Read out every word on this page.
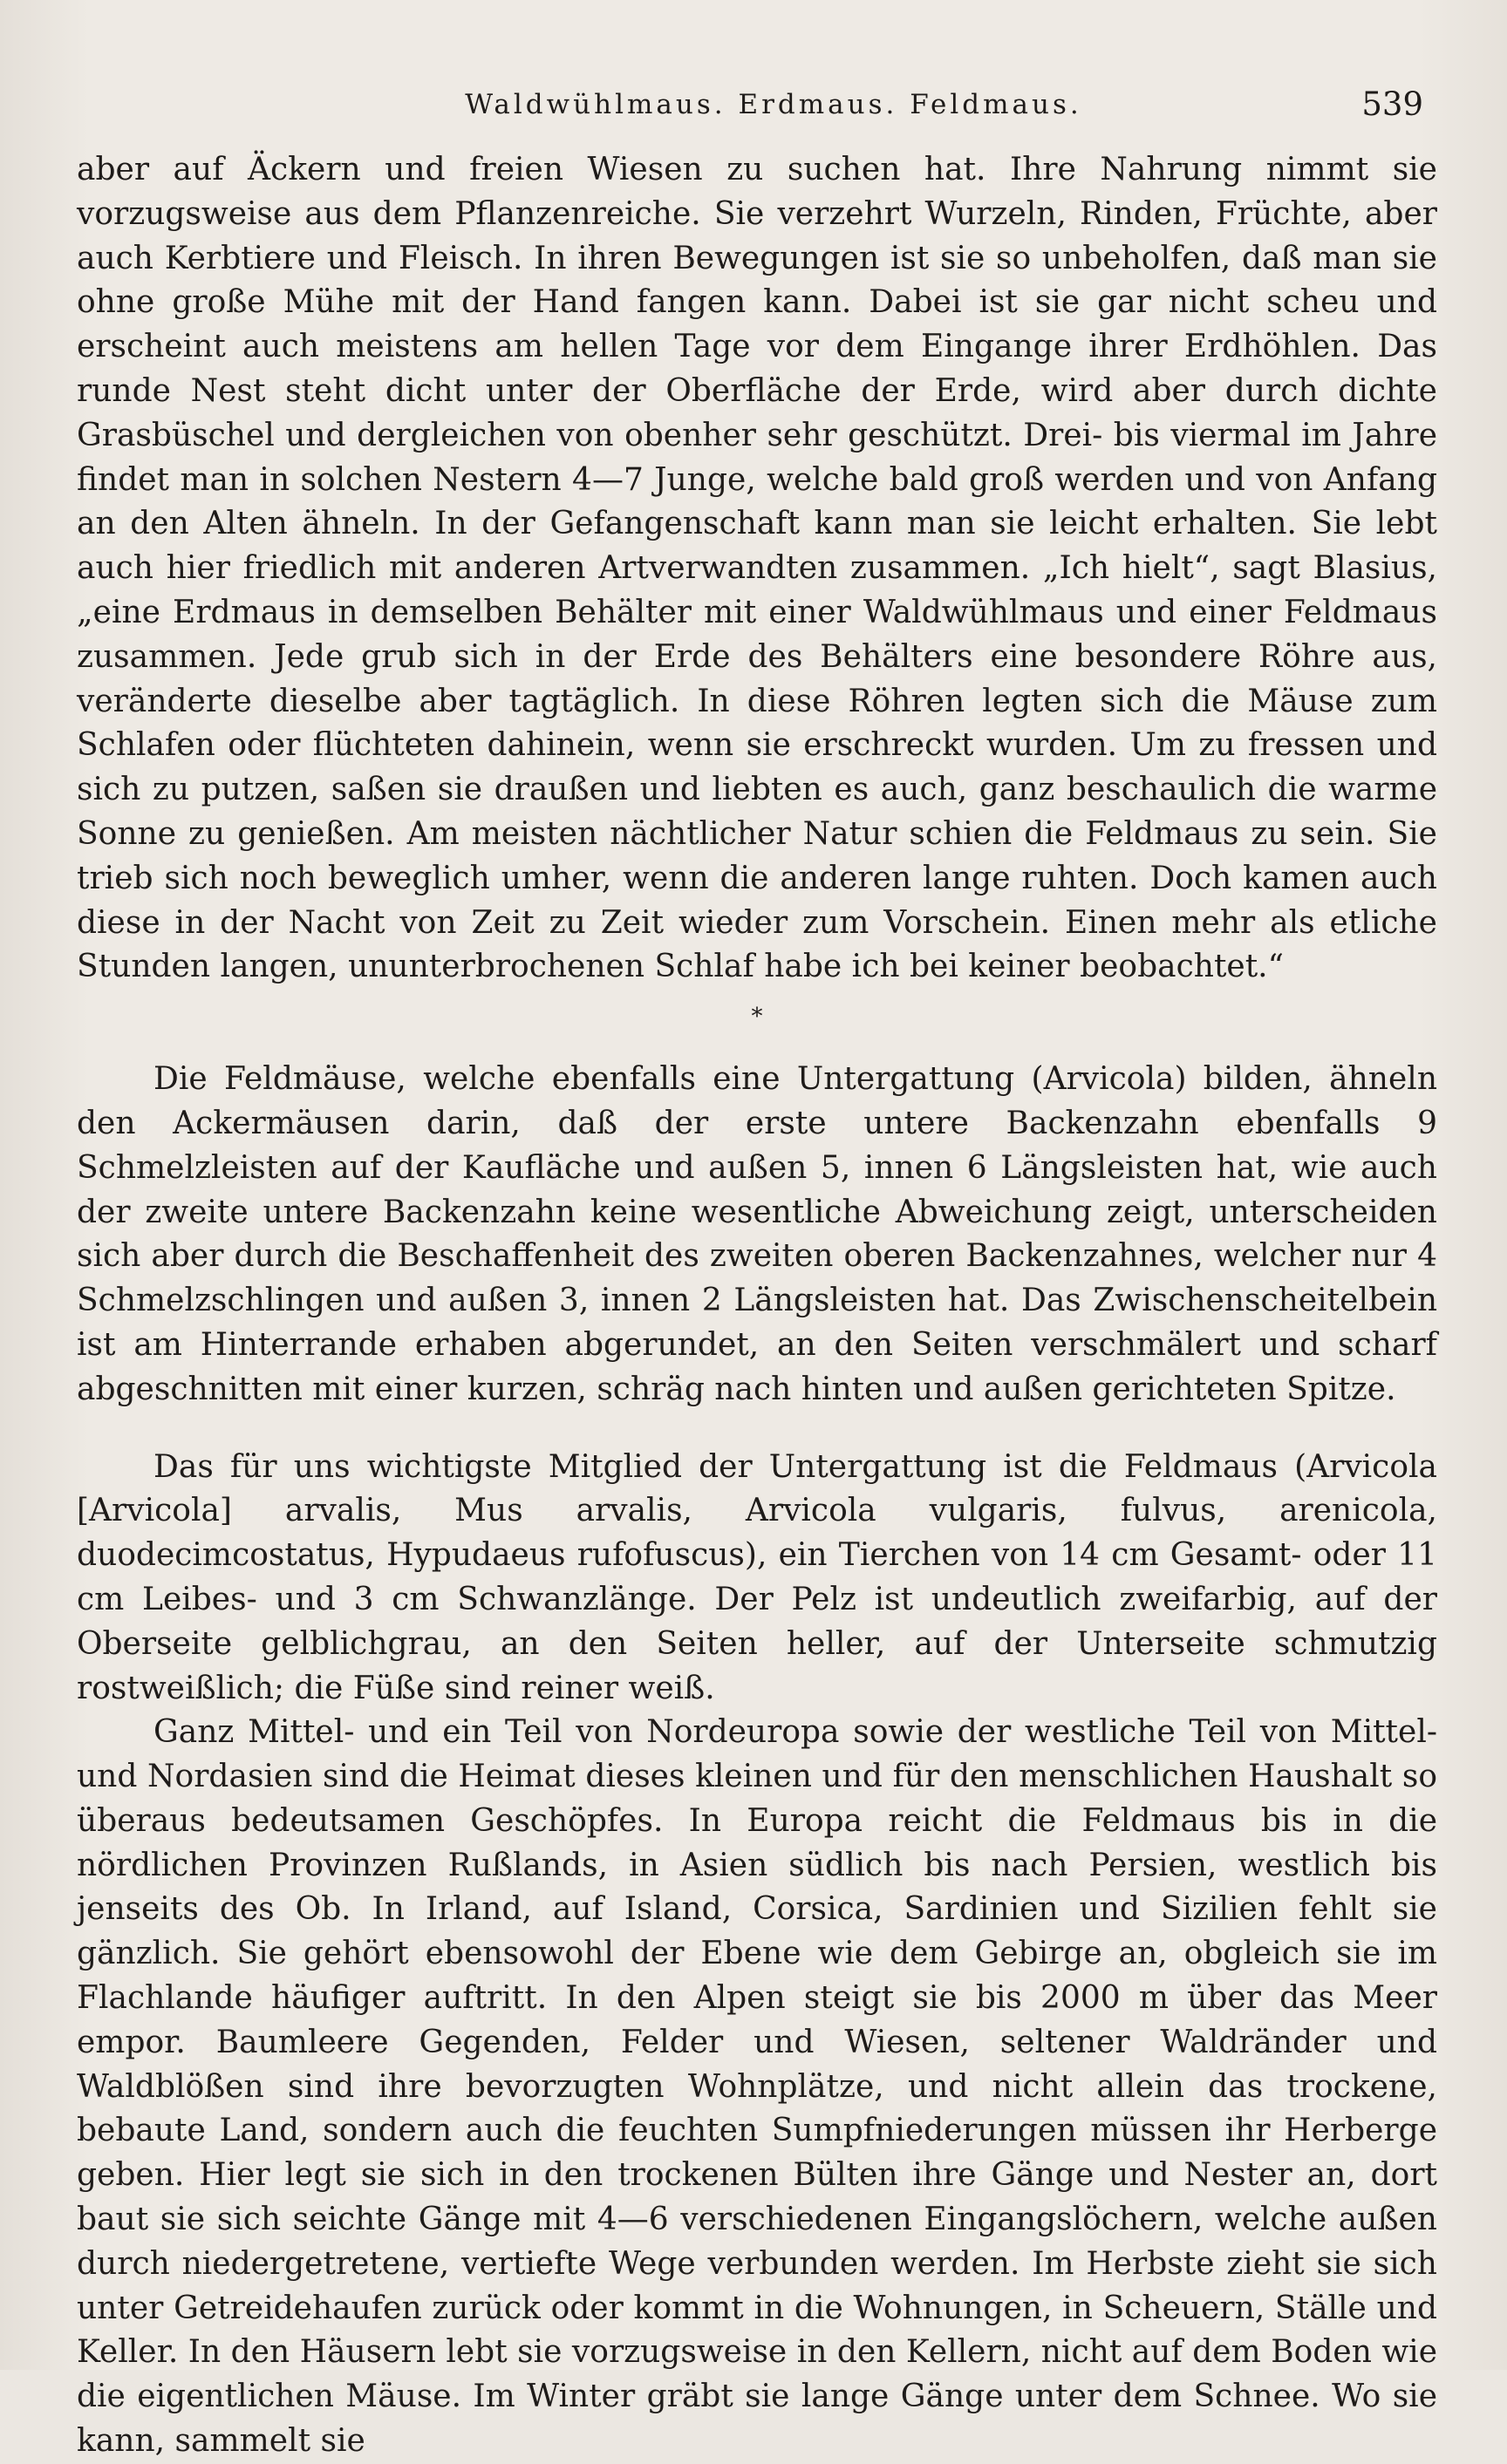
Waldwühlmaus. Erdmaus. Feldmaus.	539

aber auf Äckern und freien Wiesen zu suchen hat. Ihre Nahrung nimmt sie vorzugsweise aus dem Pflanzenreiche. Sie verzehrt Wurzeln, Rinden, Früchte, aber auch Kerbtiere und Fleisch. In ihren Bewegungen ist sie so unbeholfen, daß man sie ohne große Mühe mit der Hand fangen kann. Dabei ist sie gar nicht scheu und erscheint auch meistens am hellen Tage vor dem Eingange ihrer Erdhöhlen. Das runde Nest steht dicht unter der Oberfläche der Erde, wird aber durch dichte Grasbüschel und dergleichen von obenher sehr geschützt. Drei- bis viermal im Jahre findet man in solchen Nestern 4—7 Junge, welche bald groß werden und von Anfang an den Alten ähneln. In der Gefangenschaft kann man sie leicht erhalten. Sie lebt auch hier friedlich mit anderen Artverwandten zusammen. „Ich hielt“, sagt Blasius, „eine Erdmaus in demselben Behälter mit einer Waldwühlmaus und einer Feldmaus zusammen. Jede grub sich in der Erde des Behälters eine besondere Röhre aus, veränderte dieselbe aber tagtäglich. In diese Röhren legten sich die Mäuse zum Schlafen oder flüchteten dahinein, wenn sie erschreckt wurden. Um zu fressen und sich zu putzen, saßen sie draußen und liebten es auch, ganz beschaulich die warme Sonne zu genießen. Am meisten nächtlicher Natur schien die Feldmaus zu sein. Sie trieb sich noch beweglich umher, wenn die anderen lange ruhten. Doch kamen auch diese in der Nacht von Zeit zu Zeit wieder zum Vorschein. Einen mehr als etliche Stunden langen, ununterbrochenen Schlaf habe ich bei keiner beobachtet.“

*

Die Feldmäuse, welche ebenfalls eine Untergattung (Arvicola) bilden, ähneln den Ackermäusen darin, daß der erste untere Backenzahn ebenfalls 9 Schmelzleisten auf der Kaufläche und außen 5, innen 6 Längsleisten hat, wie auch der zweite untere Backenzahn keine wesentliche Abweichung zeigt, unterscheiden sich aber durch die Beschaffenheit des zweiten oberen Backenzahnes, welcher nur 4 Schmelzschlingen und außen 3, innen 2 Längsleisten hat. Das Zwischenscheitelbein ist am Hinterrande erhaben abgerundet, an den Seiten verschmälert und scharf abgeschnitten mit einer kurzen, schräg nach hinten und außen gerichteten Spitze.

Das für uns wichtigste Mitglied der Untergattung ist die Feldmaus (Arvicola [Arvicola] arvalis, Mus arvalis, Arvicola vulgaris, fulvus, arenicola, duodecimcostatus, Hypudaeus rufofuscus), ein Tierchen von 14 cm Gesamt- oder 11 cm Leibes- und 3 cm Schwanzlänge. Der Pelz ist undeutlich zweifarbig, auf der Oberseite gelblichgrau, an den Seiten heller, auf der Unterseite schmutzig rostweißlich; die Füße sind reiner weiß.

Ganz Mittel- und ein Teil von Nordeuropa sowie der westliche Teil von Mittel- und Nordasien sind die Heimat dieses kleinen und für den menschlichen Haushalt so überaus bedeutsamen Geschöpfes. In Europa reicht die Feldmaus bis in die nördlichen Provinzen Rußlands, in Asien südlich bis nach Persien, westlich bis jenseits des Ob. In Irland, auf Island, Corsica, Sardinien und Sizilien fehlt sie gänzlich. Sie gehört ebensowohl der Ebene wie dem Gebirge an, obgleich sie im Flachlande häufiger auftritt. In den Alpen steigt sie bis 2000 m über das Meer empor. Baumleere Gegenden, Felder und Wiesen, seltener Waldränder und Waldblößen sind ihre bevorzugten Wohnplätze, und nicht allein das trockene, bebaute Land, sondern auch die feuchten Sumpfniederungen müssen ihr Herberge geben. Hier legt sie sich in den trockenen Bülten ihre Gänge und Nester an, dort baut sie sich seichte Gänge mit 4—6 verschiedenen Eingangslöchern, welche außen durch niedergetretene, vertiefte Wege verbunden werden. Im Herbste zieht sie sich unter Getreidehaufen zurück oder kommt in die Wohnungen, in Scheuern, Ställe und Keller. In den Häusern lebt sie vorzugsweise in den Kellern, nicht auf dem Boden wie die eigentlichen Mäuse. Im Winter gräbt sie lange Gänge unter dem Schnee. Wo sie kann, sammelt sie
